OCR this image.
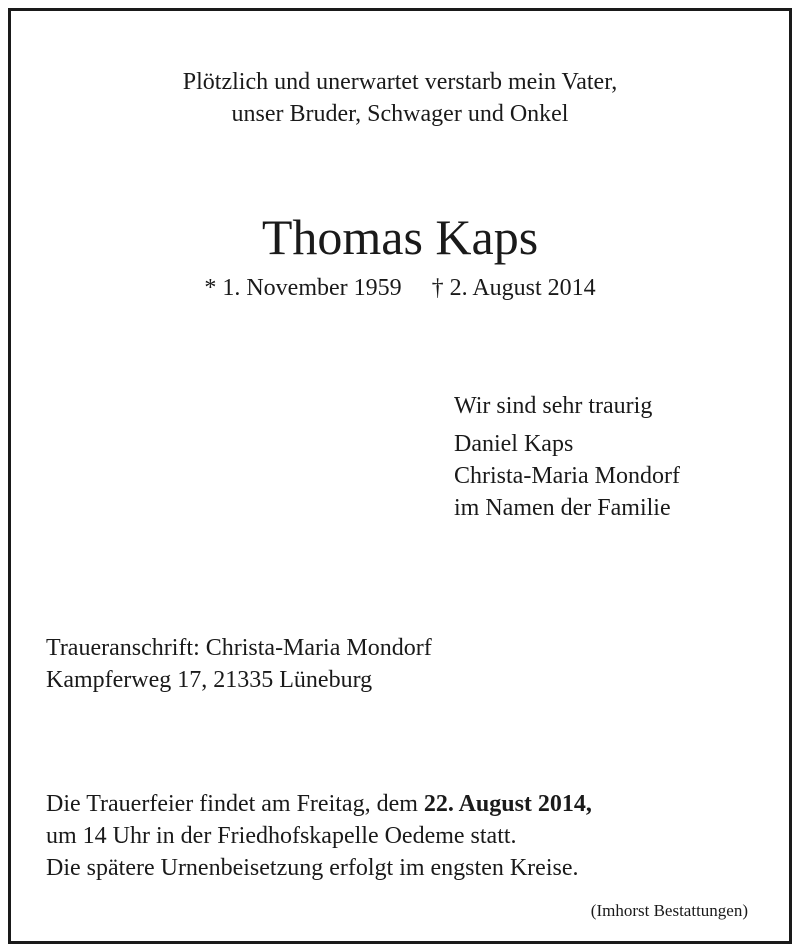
Plötzlich und unerwartet verstarb mein Vater,
unser Bruder, Schwager und Onkel
Thomas Kaps
* 1. November 1959 † 2. August 2014
Wir sind sehr traurig
Daniel Kaps
Christa-Maria Mondorf
im Namen der Familie
Traueranschrift: Christa-Maria Mondorf
Kampferweg 17, 21335 Lüneburg
Die Trauerfeier findet am Freitag, dem 22. August 2014,
um 14 Uhr in der Friedhofskapelle Oedeme statt.
Die spätere Urnenbeisetzung erfolgt im engsten Kreise.
(Imhorst Bestattungen)
